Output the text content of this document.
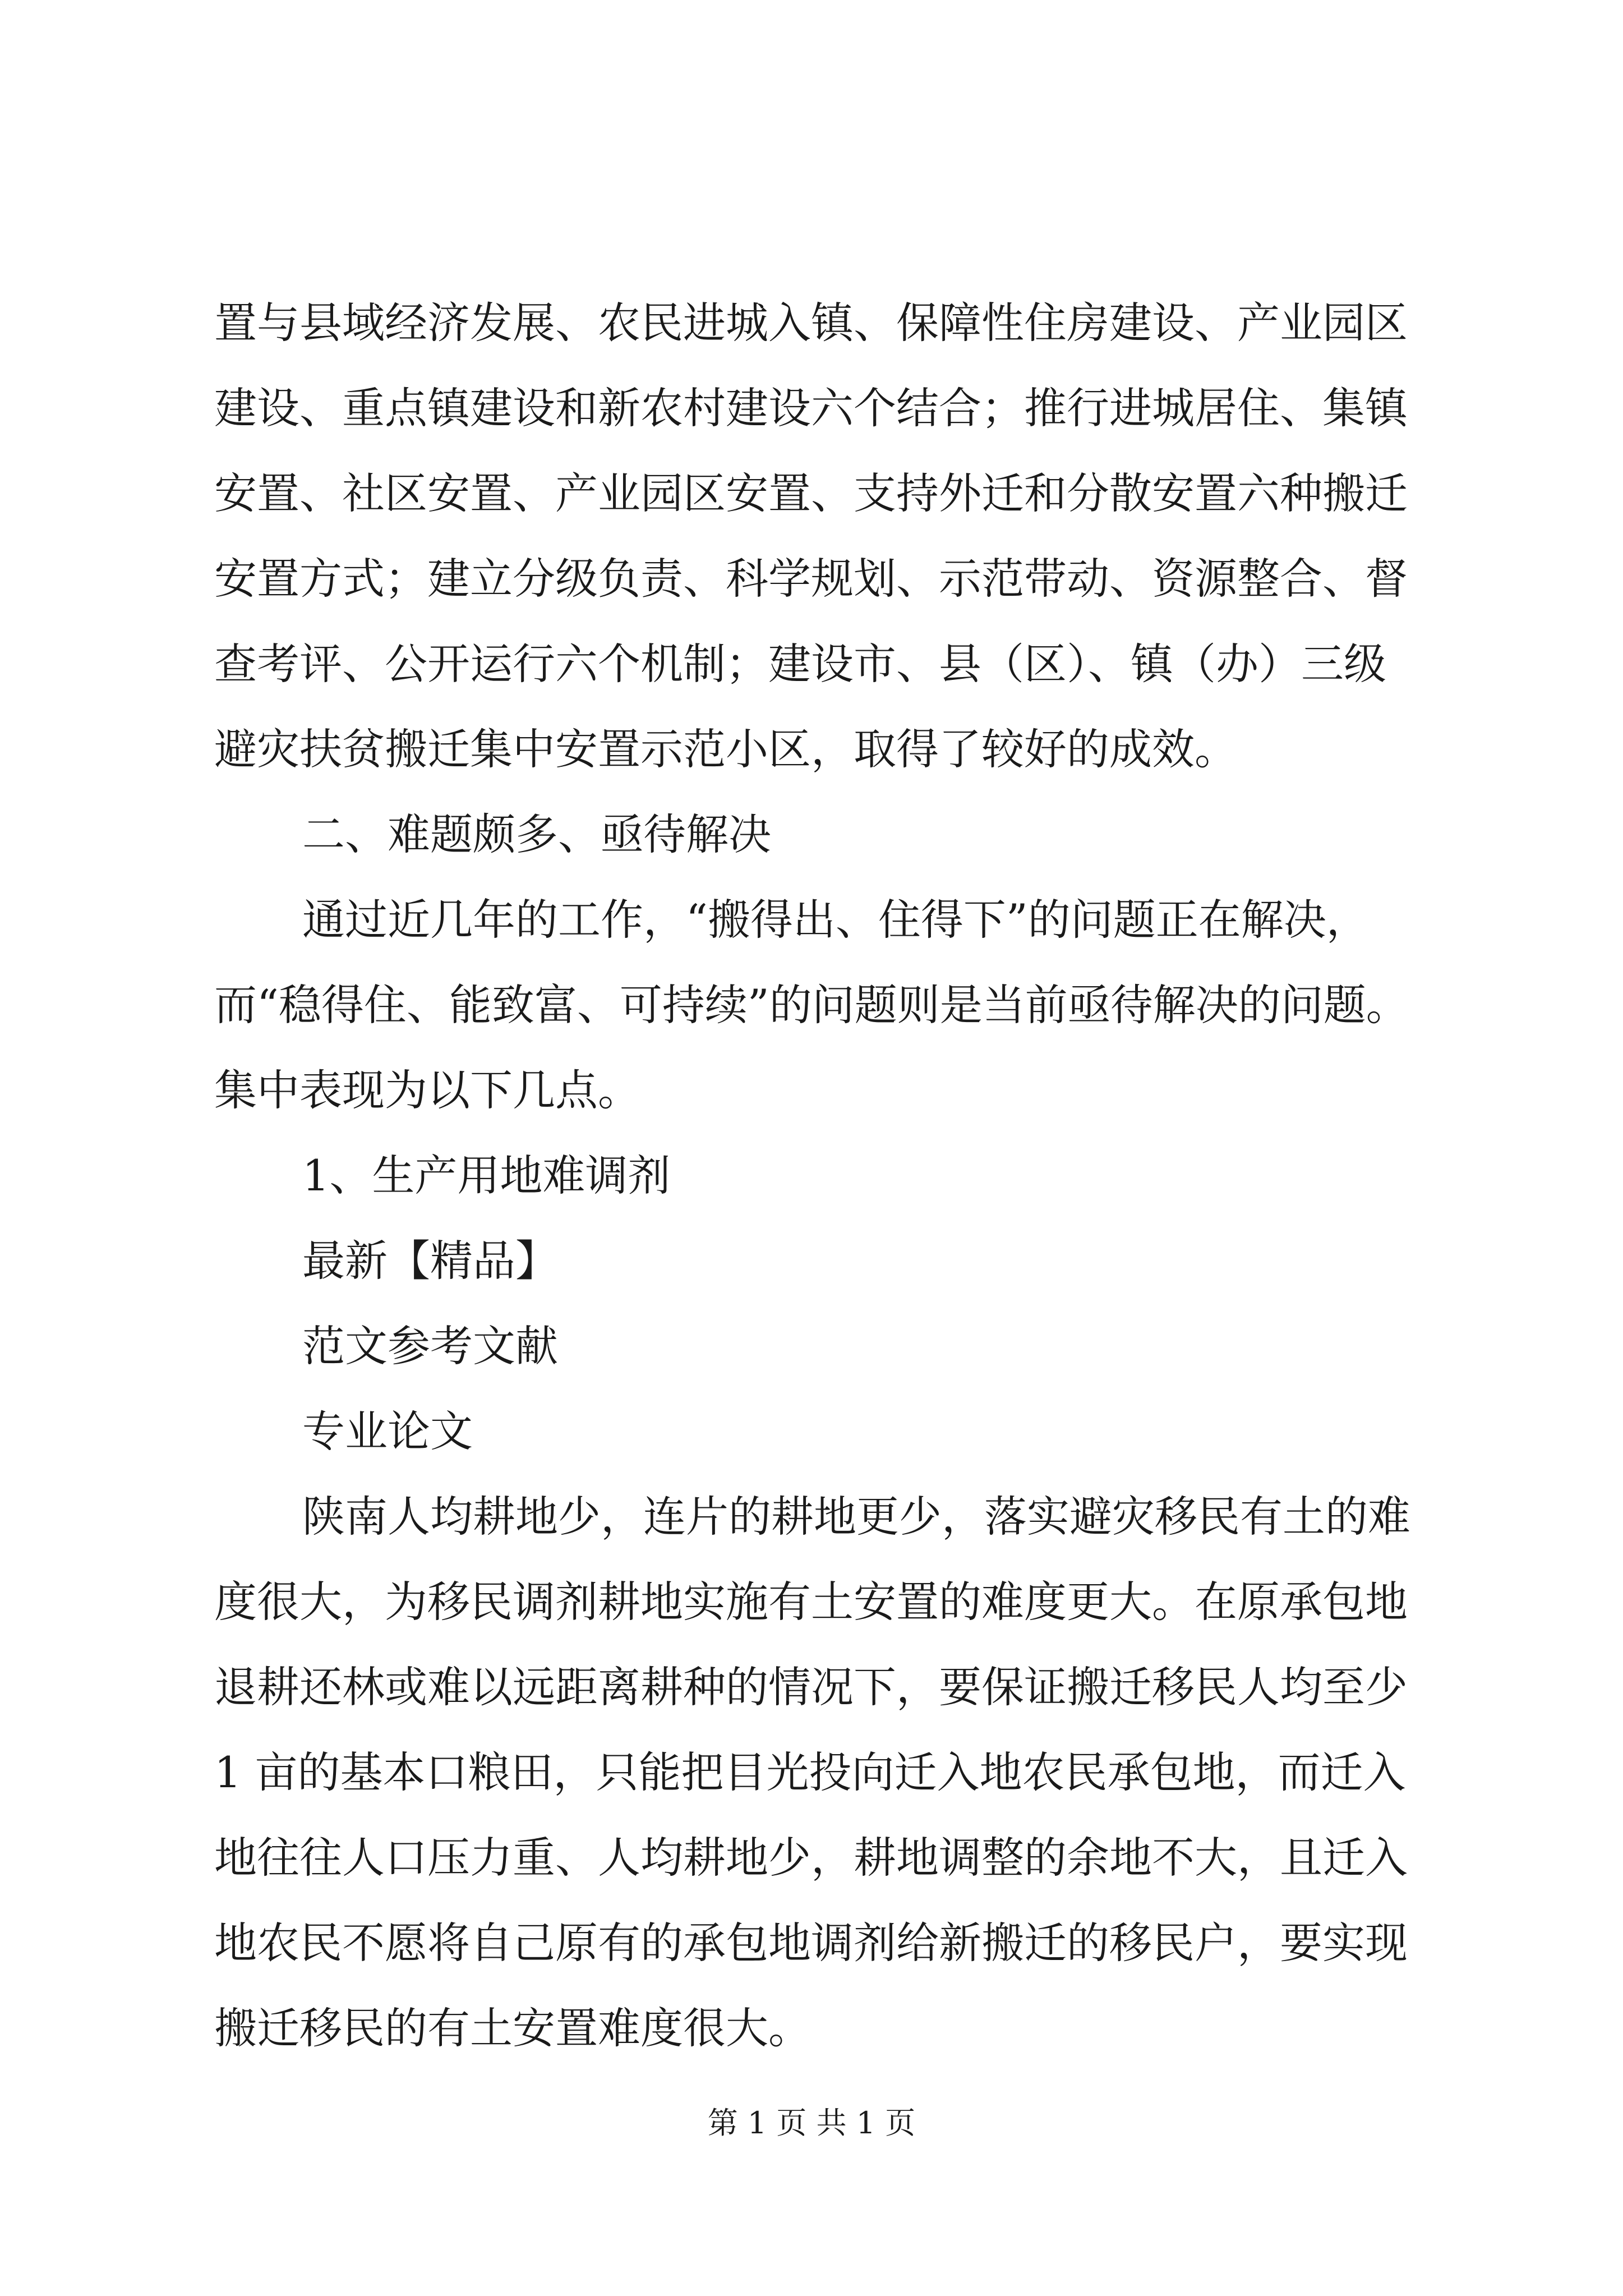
置与县域经济发展、农民进城入镇、保障性住房建设、产业园区
建设、重点镇建设和新农村建设六个结合；推行进城居住、集镇
安置、社区安置、产业园区安置、支持外迁和分散安置六种搬迁
安置方式；建立分级负责、科学规划、示范带动、资源整合、督
查考评、公开运行六个机制；建设市、县（区）、镇（办）三级
避灾扶贫搬迁集中安置示范小区，取得了较好的成效。
二、难题颇多、亟待解决
通过近几年的工作，“搬得出、住得下”的问题正在解决，
而“稳得住、能致富、可持续”的问题则是当前亟待解决的问题。
集中表现为以下几点。
1、生产用地难调剂
最新【精品】
范文参考文献
专业论文
陕南人均耕地少，连片的耕地更少，落实避灾移民有土的难
度很大，为移民调剂耕地实施有土安置的难度更大。在原承包地
退耕还林或难以远距离耕种的情况下，要保证搬迁移民人均至少
1 亩的基本口粮田，只能把目光投向迁入地农民承包地，而迁入
地往往人口压力重、人均耕地少，耕地调整的余地不大，且迁入
地农民不愿将自己原有的承包地调剂给新搬迁的移民户，要实现
搬迁移民的有土安置难度很大。
第 1 页 共 1 页
